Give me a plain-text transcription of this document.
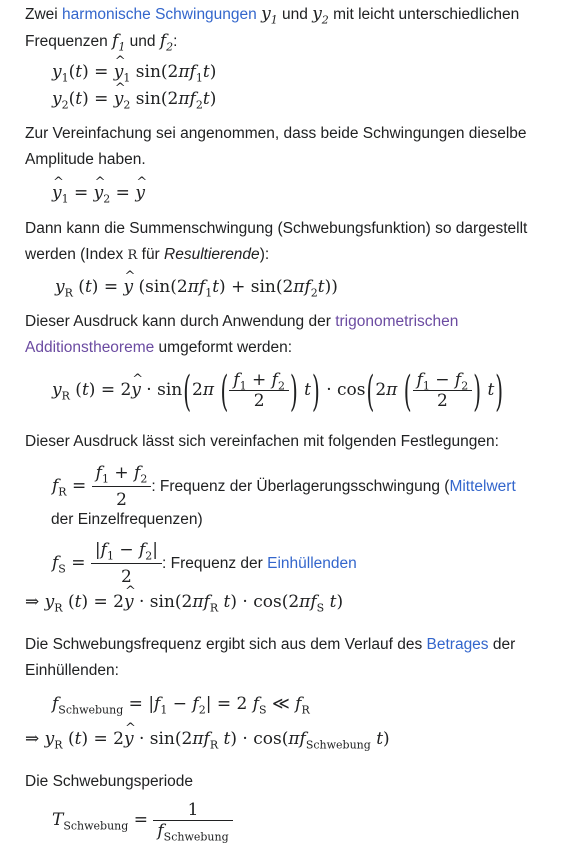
Zwei harmonische Schwingungen $y_1$ und $y_2$ mit leicht unterschiedlichen Frequenzen $f_1$ und $f_2$:
$y_1(t)$ = ^ $y_1$ $\sin(2\pi f_1t)$
$y_2(t)$ = ^ $y_2$ $\sin(2\pi f_2t)$
Zur Vereinfachung sei angenommen, dass beide Schwingungen dieselbe Amplitude haben.
^ $y_1$ = ^ $y_2$ = ^ y
Dann kann die Summenschwingung (Schwebungsfunktion) so dargestellt werden (Index R für Resultierende):
$y_R$ (t) = ^ y $(\sin(2\pi f_1t) + \sin(2\pi f_2t))$
Dieser Ausdruck kann durch Anwendung der trigonometrischen Additionstheoreme umgeformt werden:
$y_R$ (t) = 2^ y · sin(2π ( $\frac{f_1 + f_2}{2}$ ) t) · cos(2π ( $\frac{f_1 - f_2}{2}$ ) t)
Dieser Ausdruck lässt sich vereinfachen mit folgenden Festlegungen:
$f_R = \frac{f_1 + f_2}{2}$ : Frequenz der Überlagerungsschwingung (Mittelwert
der Einzelfrequenzen)
$f_S = \frac{|f_1 - f_2|}{2}$ : Frequenz der Einhüllenden
⇒ $y_R$ (t) = 2^ $y \cdot \sin(2\pi f_R$ $t) \cdot \cos(2\pi f_S$ t)
Die Schwebungsfrequenz ergibt sich aus dem Verlauf des Betrages der Einhüllenden:
$f_{Schwebung} = |f_1 - f_2| = 2$ $f_S$ ≪ $f_R$
⇒ $y_R$ (t) = 2^ $y \cdot \sin(2\pi f_R$ $t) \cdot \cos(\pi f_{Schwebung}$ t)
Die Schwebungsperiode
$T_{Schwebung} = \frac{1}{f_{Schwebung}}$
